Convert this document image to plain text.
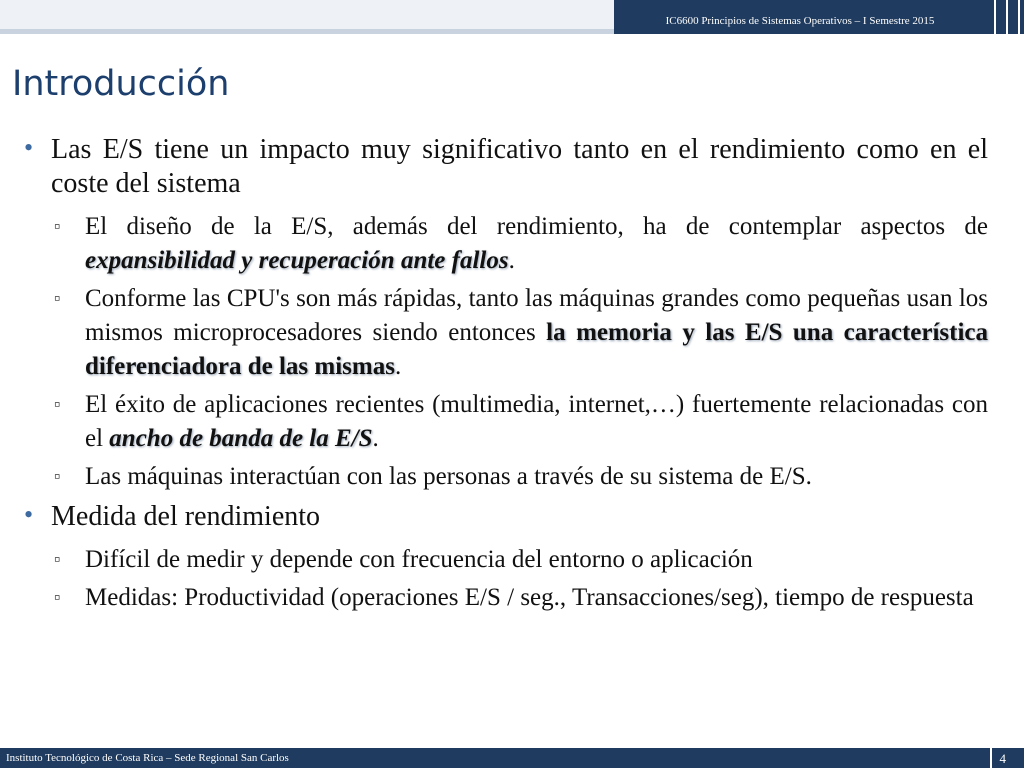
IC6600 Principios de Sistemas Operativos – I Semestre 2015
Introducción
• Las E/S tiene un impacto muy significativo tanto en el rendimiento como en el coste del sistema
▫ El diseño de la E/S, además del rendimiento, ha de contemplar aspectos de expansibilidad y recuperación ante fallos.
▫ Conforme las CPU's son más rápidas, tanto las máquinas grandes como pequeñas usan los mismos microprocesadores siendo entonces la memoria y las E/S una característica diferenciadora de las mismas.
▫ El éxito de aplicaciones recientes (multimedia, internet,…) fuertemente relacionadas con el ancho de banda de la E/S.
▫ Las máquinas interactúan con las personas a través de su sistema de E/S.
• Medida del rendimiento
▫ Difícil de medir y depende con frecuencia del entorno o aplicación
▫ Medidas: Productividad (operaciones E/S / seg., Transacciones/seg), tiempo de respuesta
Instituto Tecnológico de Costa Rica – Sede Regional San Carlos	4
